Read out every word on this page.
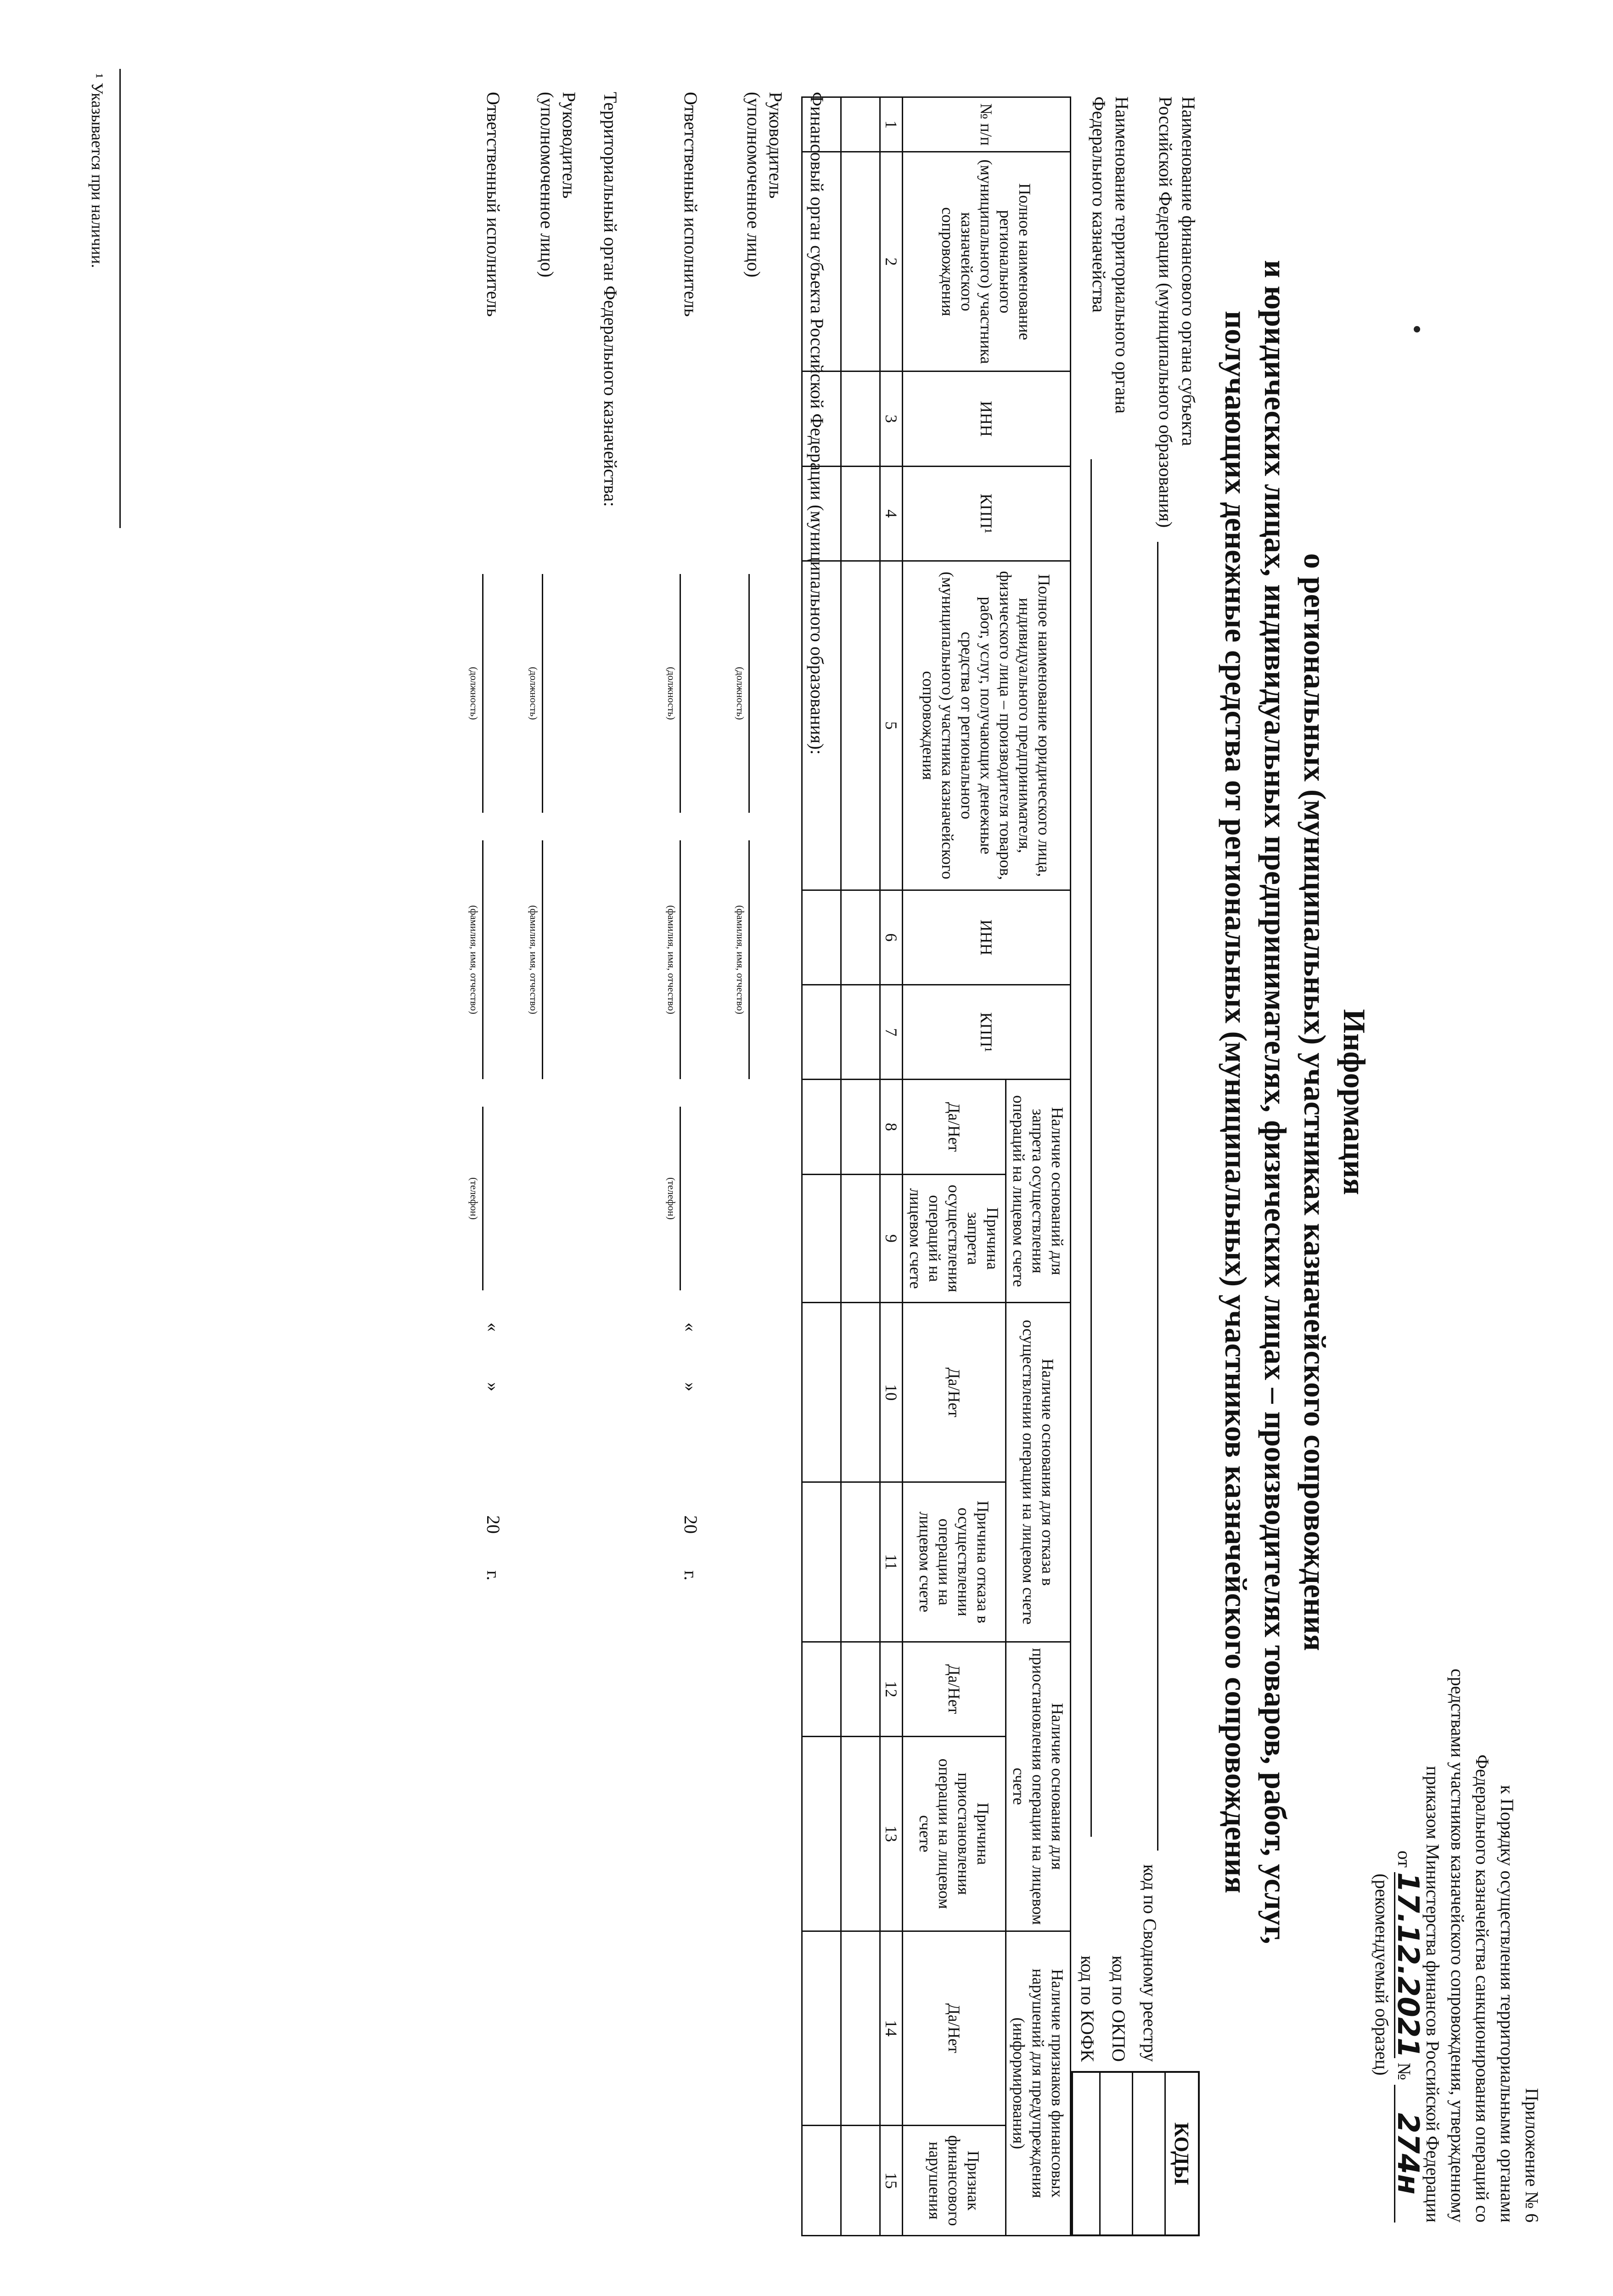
Приложение № 6
к Порядку осуществления территориальными органами
Федерального казначейства санкционирования операций со
средствами участников казначейского сопровождения, утвержденному
приказом Министерства финансов Российской Федерации
от 17.12.2021 № 274н
(рекомендуемый образец)
Информация
о региональных (муниципальных) участниках казначейского сопровождения
и юридических лицах, индивидуальных предпринимателях, физических лицах – производителях товаров, работ, услуг,
получающих денежные средства от региональных (муниципальных) участников казначейского сопровождения
КОДЫ
код по Сводному реестру
код по ОКПО
код по КОФК
Наименование финансового органа субъекта
Российской Федерации (муниципального образования)
Наименование территориального органа
Федерального казначейства
№ п/п	Полное наименование регионального (муниципального) участника казначейского сопровождения	ИНН	КПП¹	Полное наименование юридического лица, индивидуального предпринимателя, физического лица – производителя товаров, работ, услуг, получающих денежные средства от регионального (муниципального) участника казначейского сопровождения	ИНН	КПП¹	Наличие оснований для запрета осуществления операций на лицевом счете		Наличие основания для отказа в осуществлении операции на лицевом счете		Наличие основания для приостановления операции на лицевом счете		Наличие признаков финансовых нарушений для предупреждения (информирования)	
							Да/Нет	Причина запрета осуществления операций на лицевом счете	Да/Нет	Причина отказа в осуществлении операции на лицевом счете	Да/Нет	Причина приостановления операции на лицевом счете	Да/Нет	Признак финансового нарушения
1	2	3	4	5	6	7	8	9	10	11	12	13	14	15

Финансовый орган субъекта Российской Федерации (муниципального образования):
Руководитель
(уполномоченное лицо)
(должность)
(фамилия, имя, отчество)
Ответственный исполнитель
(должность)
(фамилия, имя, отчество)
(телефон)
«           »                           20        г.
Территориальный орган Федерального казначейства:
Руководитель
(уполномоченное лицо)
(должность)
(фамилия, имя, отчество)
Ответственный исполнитель
(должность)
(фамилия, имя, отчество)
(телефон)
«           »                           20        г.
¹ Указывается при наличии.
